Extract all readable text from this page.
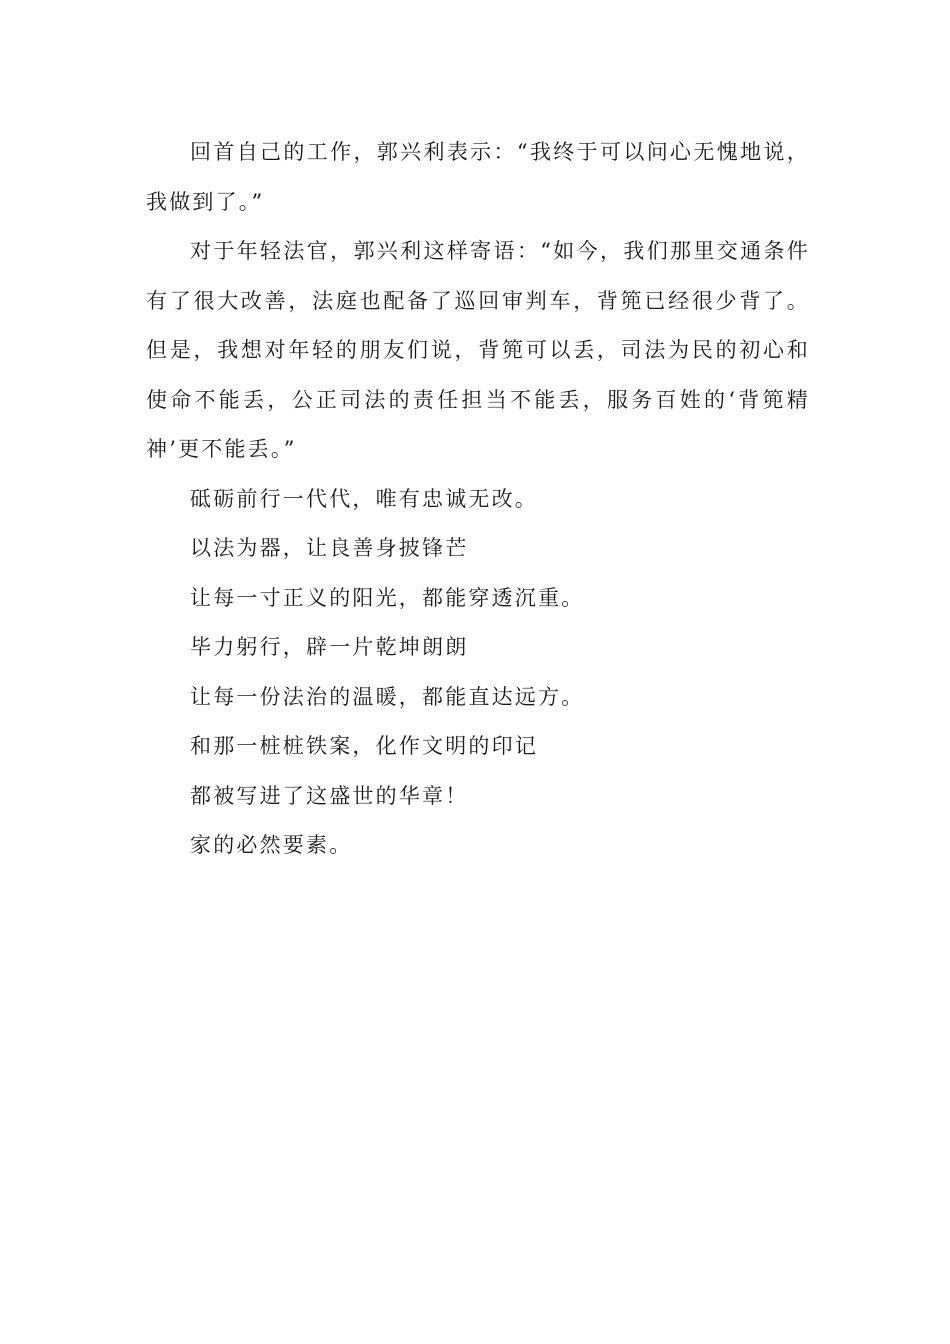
回首自己的工作，郭兴利表示：“我终于可以问心无愧地说，我做到了。”

对于年轻法官，郭兴利这样寄语：“如今，我们那里交通条件有了很大改善，法庭也配备了巡回审判车，背篼已经很少背了。但是，我想对年轻的朋友们说，背篼可以丢，司法为民的初心和使命不能丢，公正司法的责任担当不能丢，服务百姓的‘背篼精神’更不能丢。”

砥砺前行一代代，唯有忠诚无改。

以法为器，让良善身披锋芒

让每一寸正义的阳光，都能穿透沉重。

毕力躬行，辟一片乾坤朗朗

让每一份法治的温暖，都能直达远方。

和那一桩桩铁案，化作文明的印记

都被写进了这盛世的华章！

家的必然要素。
